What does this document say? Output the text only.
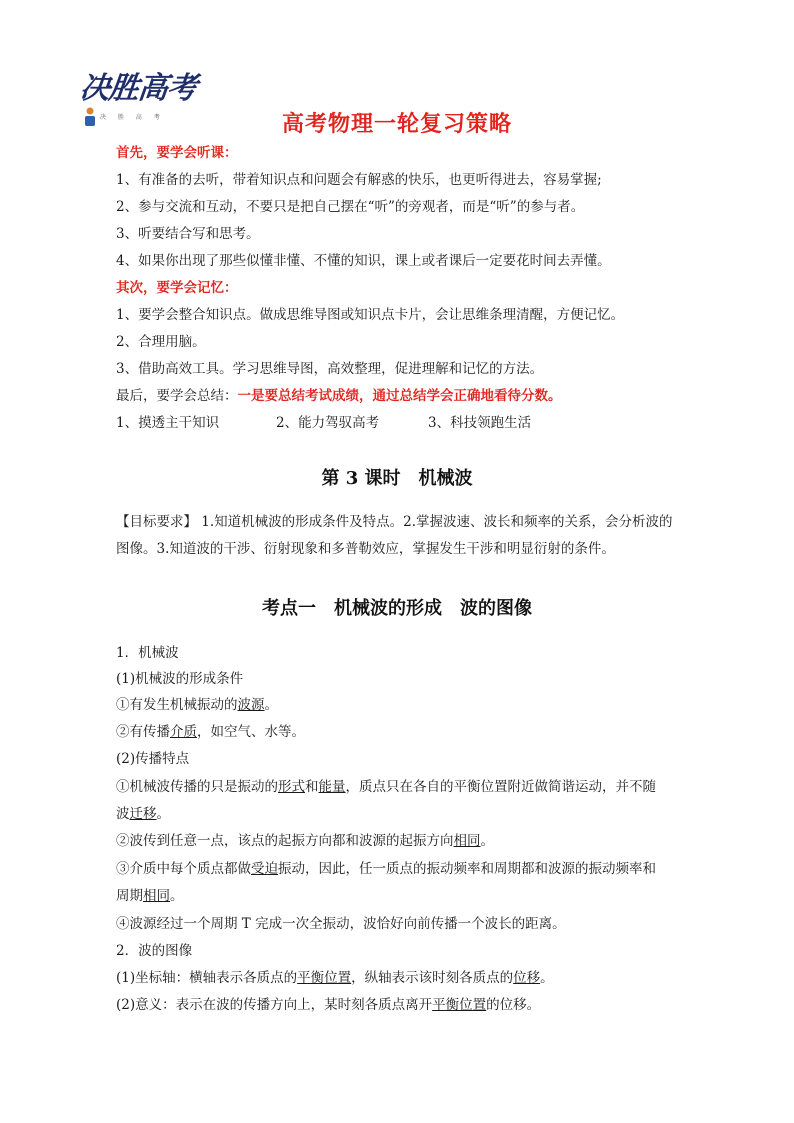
决胜高考
决 胜 高 考	高考物理一轮复习策略
首先，要学会听课：
1、有准备的去听，带着知识点和问题会有解惑的快乐，也更听得进去，容易掌握;
2、参与交流和互动，不要只是把自己摆在“听”的旁观者，而是“听”的参与者。
3、听要结合写和思考。
4、如果你出现了那些似懂非懂、不懂的知识，课上或者课后一定要花时间去弄懂。
其次，要学会记忆：
1、要学会整合知识点。做成思维导图或知识点卡片，会让思维条理清醒，方便记忆。
2、合理用脑。
3、借助高效工具。学习思维导图，高效整理，促进理解和记忆的方法。
最后，要学会总结：一是要总结考试成绩，通过总结学会正确地看待分数。
1、摸透主干知识	2、能力驾驭高考	3、科技领跑生活
第 3 课时　机械波
【目标要求】 1.知道机械波的形成条件及特点。2.掌握波速、波长和频率的关系，会分析波的
图像。3.知道波的干涉、衍射现象和多普勒效应，掌握发生干涉和明显衍射的条件。
考点一　机械波的形成　波的图像
1．机械波
(1)机械波的形成条件
①有发生机械振动的波源。
②有传播介质，如空气、水等。
(2)传播特点
①机械波传播的只是振动的形式和能量，质点只在各自的平衡位置附近做简谐运动，并不随
波迁移。
②波传到任意一点，该点的起振方向都和波源的起振方向相同。
③介质中每个质点都做受迫振动，因此，任一质点的振动频率和周期都和波源的振动频率和
周期相同。
④波源经过一个周期 T 完成一次全振动，波恰好向前传播一个波长的距离。
2．波的图像
(1)坐标轴：横轴表示各质点的平衡位置，纵轴表示该时刻各质点的位移。
(2)意义：表示在波的传播方向上，某时刻各质点离开平衡位置的位移。
